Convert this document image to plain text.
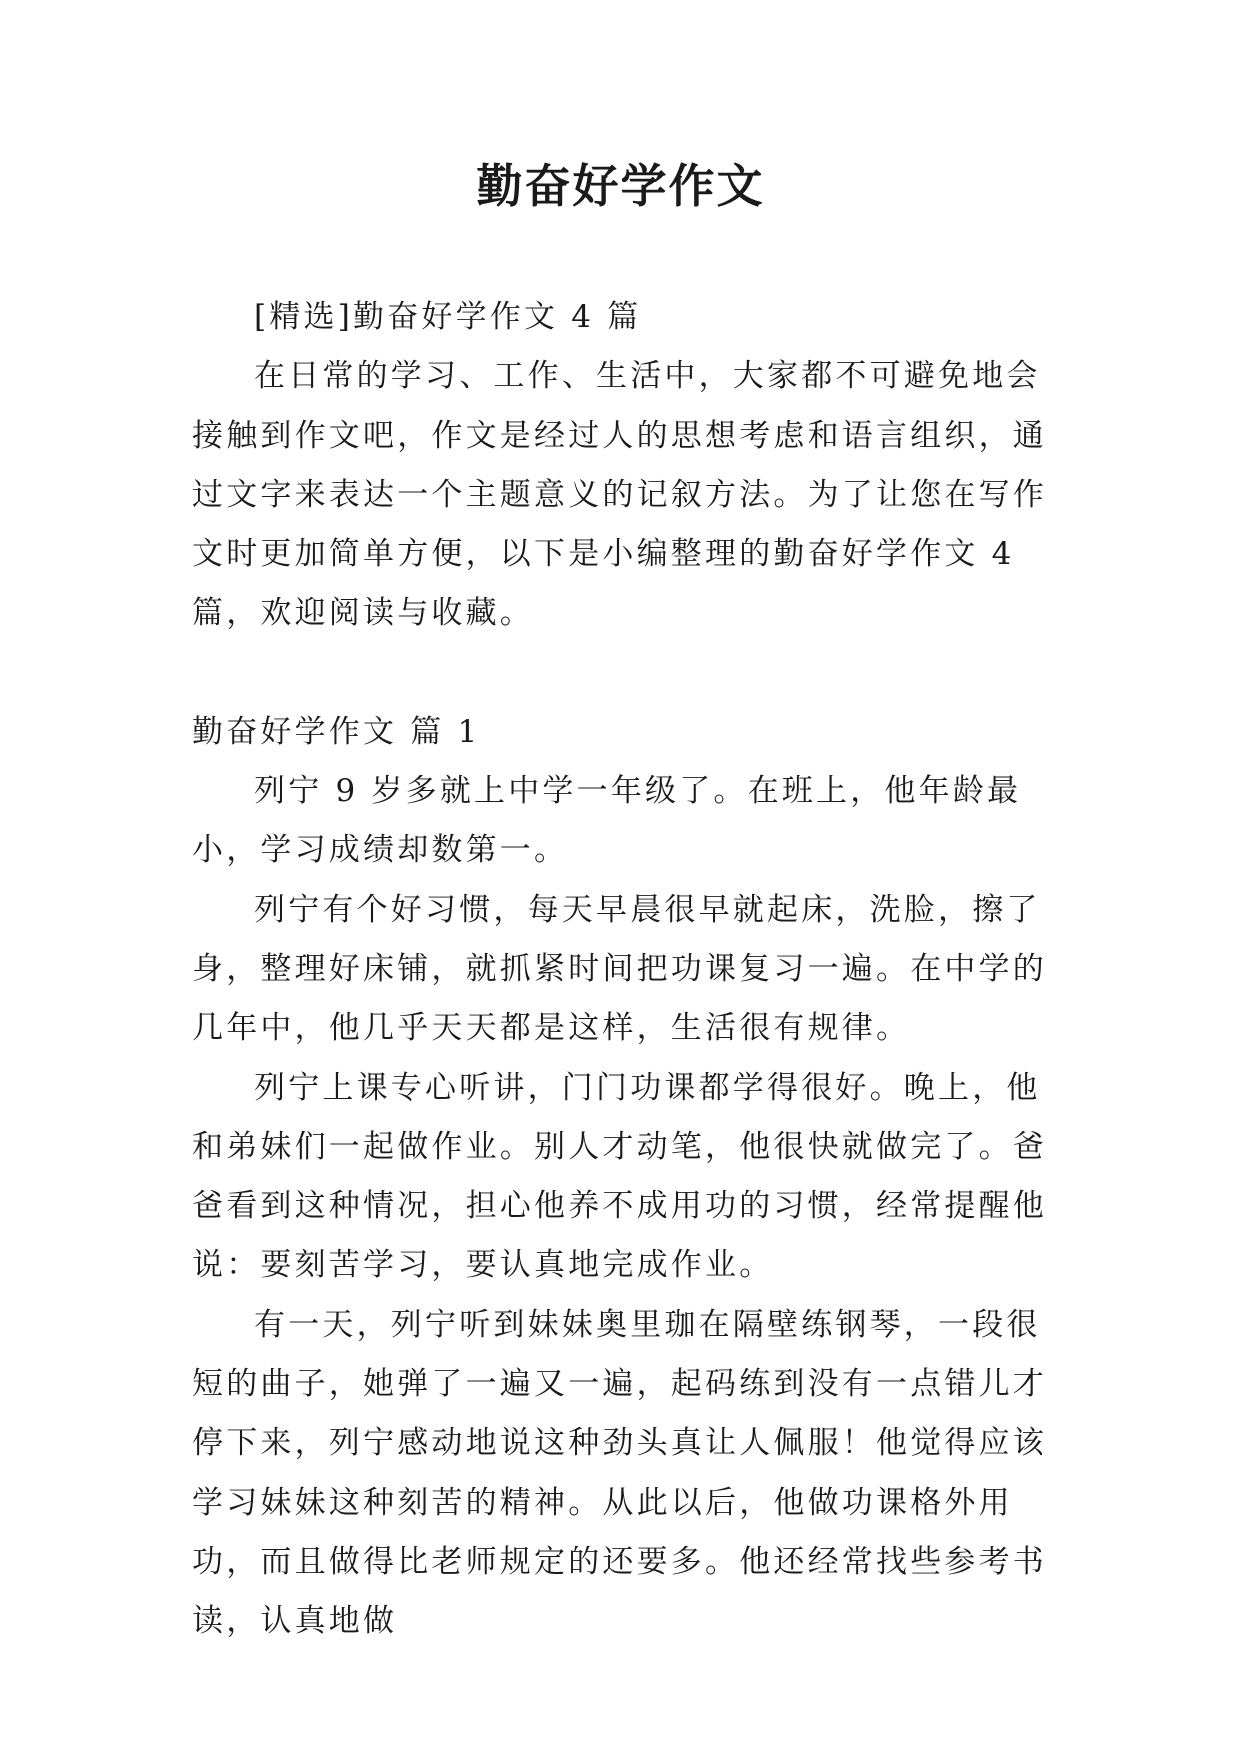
勤奋好学作文

[精选]勤奋好学作文 4 篇

在日常的学习、工作、生活中，大家都不可避免地会接触到作文吧，作文是经过人的思想考虑和语言组织，通过文字来表达一个主题意义的记叙方法。为了让您在写作文时更加简单方便，以下是小编整理的勤奋好学作文 4 篇，欢迎阅读与收藏。

勤奋好学作文 篇 1

列宁 9 岁多就上中学一年级了。在班上，他年龄最小，学习成绩却数第一。

列宁有个好习惯，每天早晨很早就起床，洗脸，擦了身，整理好床铺，就抓紧时间把功课复习一遍。在中学的几年中，他几乎天天都是这样，生活很有规律。

列宁上课专心听讲，门门功课都学得很好。晚上，他和弟妹们一起做作业。别人才动笔，他很快就做完了。爸爸看到这种情况，担心他养不成用功的习惯，经常提醒他说：要刻苦学习，要认真地完成作业。

有一天，列宁听到妹妹奥里珈在隔壁练钢琴，一段很短的曲子，她弹了一遍又一遍，起码练到没有一点错儿才停下来，列宁感动地说这种劲头真让人佩服！他觉得应该学习妹妹这种刻苦的精神。从此以后，他做功课格外用功，而且做得比老师规定的还要多。他还经常找些参考书读，认真地做
